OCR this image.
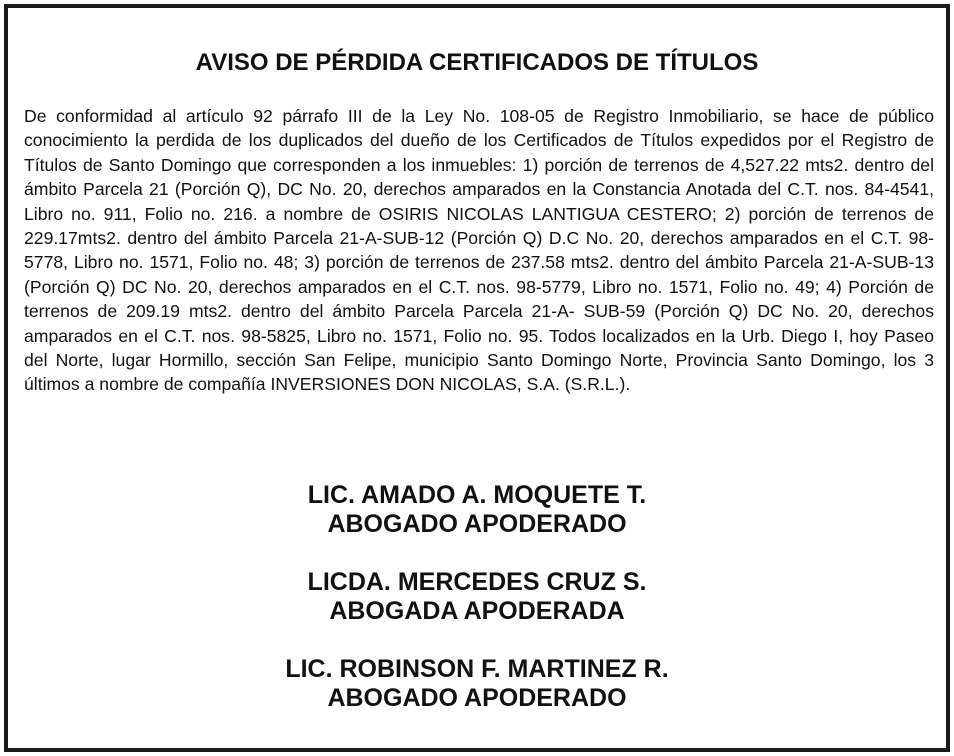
AVISO DE PÉRDIDA CERTIFICADOS DE TÍTULOS
De conformidad al artículo 92 párrafo III de la Ley No. 108-05 de Registro Inmobiliario, se hace de público conocimiento la perdida de los duplicados del dueño de los Certificados de Títulos expedidos por el Registro de Títulos de Santo Domingo que corresponden a los inmuebles: 1) porción de terrenos de 4,527.22 mts2. dentro del ámbito Parcela 21 (Porción Q), DC No. 20, derechos amparados en la Constancia Anotada del C.T. nos. 84-4541, Libro no. 911, Folio no. 216. a nombre de OSIRIS NICOLAS LANTIGUA CESTERO; 2) porción de terrenos de 229.17mts2. dentro del ámbito Parcela 21-A-SUB-12 (Porción Q) D.C No. 20, derechos amparados en el C.T. 98-5778, Libro no. 1571, Folio no. 48; 3) porción de terrenos de 237.58 mts2. dentro del ámbito Parcela 21-A-SUB-13 (Porción Q) DC No. 20, derechos amparados en el C.T. nos. 98-5779, Libro no. 1571, Folio no. 49; 4) Porción de terrenos de 209.19 mts2. dentro del ámbito Parcela Parcela 21-A- SUB-59 (Porción Q) DC No. 20, derechos amparados en el C.T. nos. 98-5825, Libro no. 1571, Folio no. 95. Todos localizados en la Urb. Diego I, hoy Paseo del Norte, lugar Hormillo, sección San Felipe, municipio Santo Domingo Norte, Provincia Santo Domingo, los 3 últimos a nombre de compañía INVERSIONES DON NICOLAS, S.A. (S.R.L.).
LIC. AMADO A. MOQUETE T.
ABOGADO APODERADO
LICDA. MERCEDES CRUZ S.
ABOGADA APODERADA
LIC. ROBINSON F. MARTINEZ R.
ABOGADO APODERADO
